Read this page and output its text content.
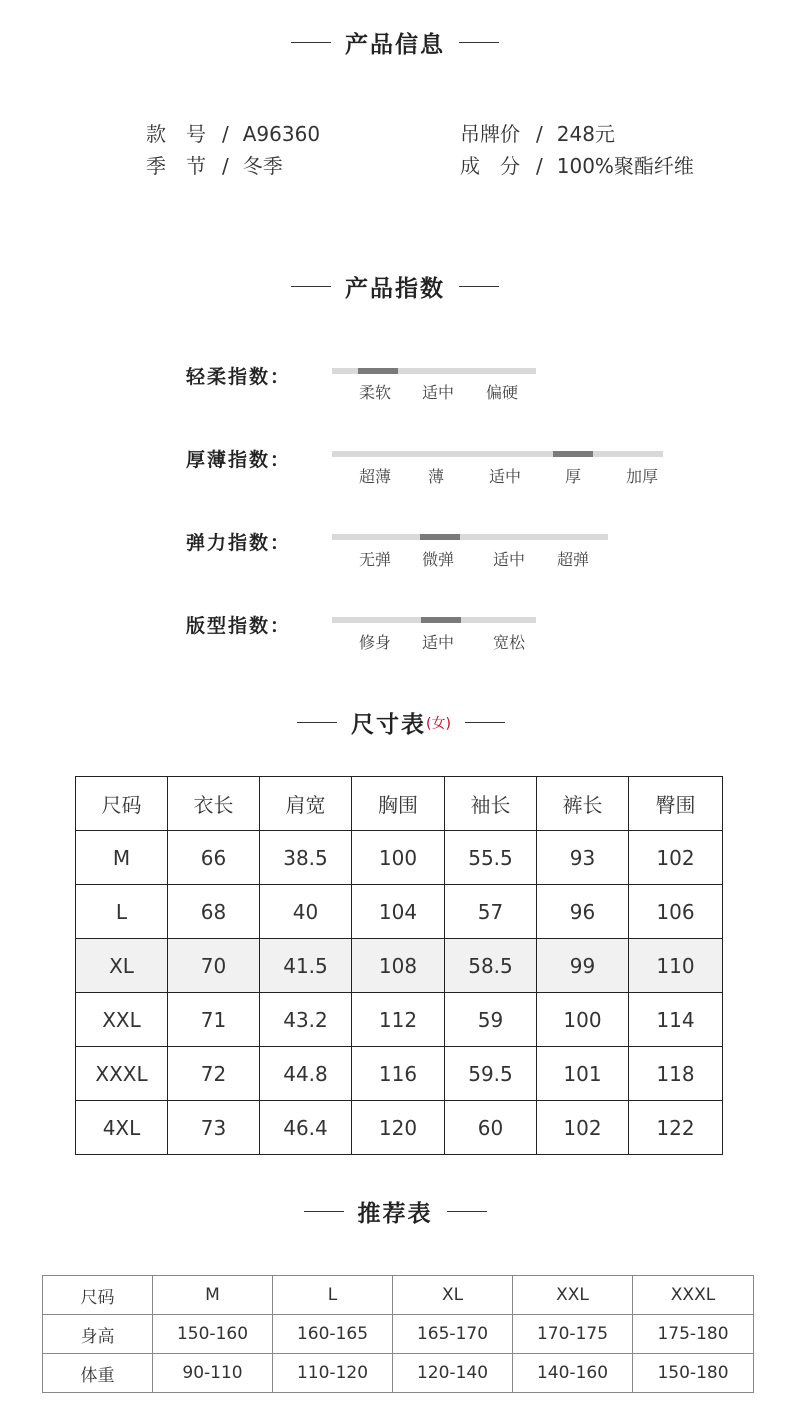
产品信息
款　号 / A96360	吊牌价 / 248元
季　节 / 冬季	成　分 / 100%聚酯纤维
产品指数
轻柔指数：
柔软 适中 偏硬
厚薄指数：
超薄 薄	适中	厚	加厚
弹力指数：
无弹 微弹 适中 超弹
版型指数：
修身 适中 宽松
尺寸表 (女)
尺码	衣长	肩宽	胸围	袖长	裤长	臀围
M	66	38.5	100	55.5	93	102
L	68	40	104	57	96	106
XL	70	41.5	108	58.5	99	110
XXL	71	43.2	112	59	100	114
XXXL	72	44.8	116	59.5	101	118
4XL	73	46.4	120	60	102	122
推荐表
尺码	M	L	XL	XXL	XXXL
身高	150-160	160-165	165-170	170-175	175-180
体重	90-110	110-120	120-140	140-160	150-180
